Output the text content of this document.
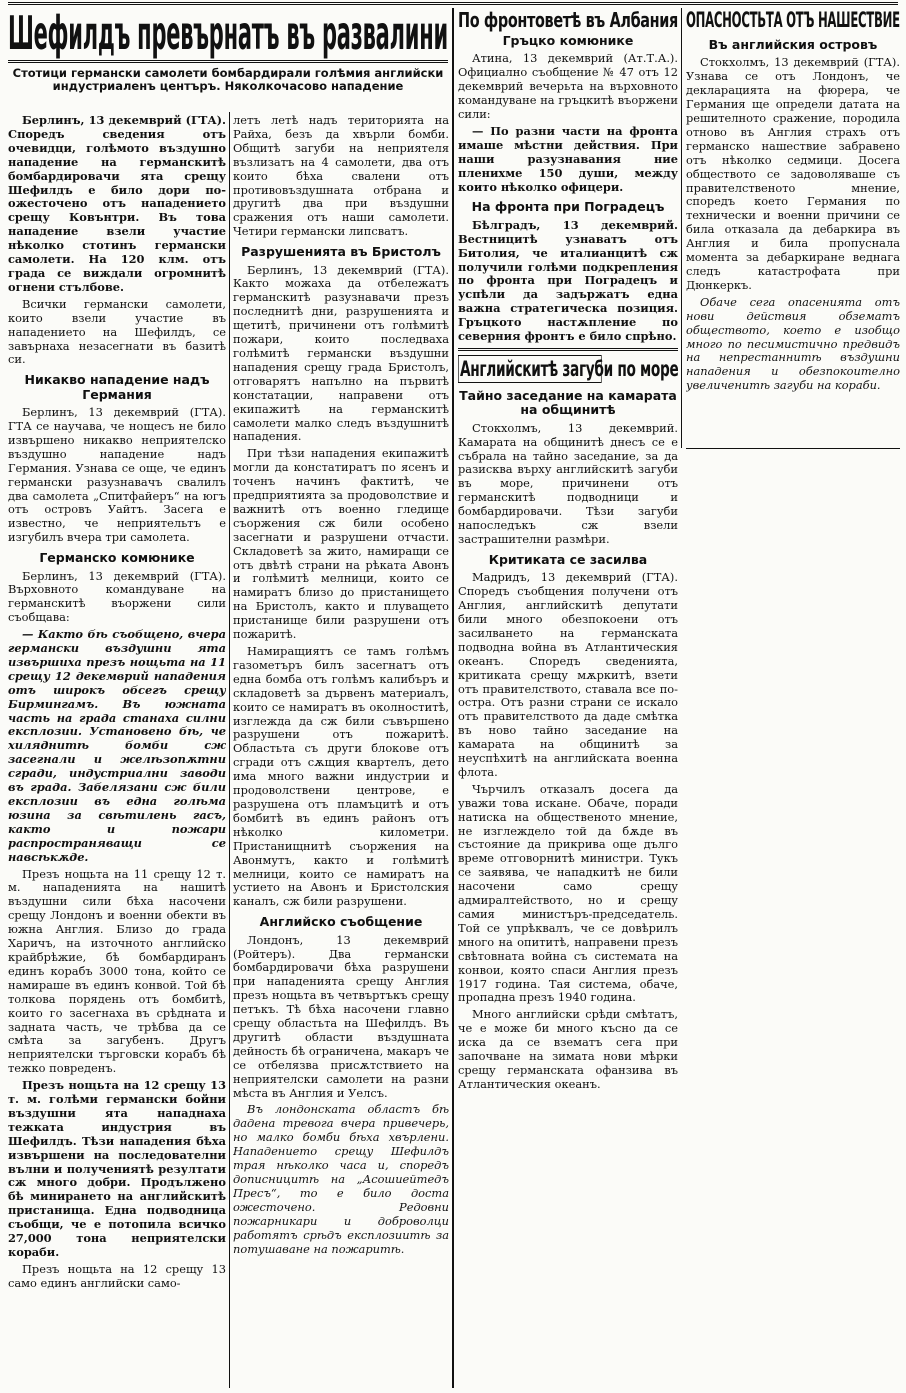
Шефилдъ превърнатъ въ развалини
Стотици германски самолети бомбардирали голѣмия английски индустриаленъ центъръ. Няколкочасово нападение

Берлинъ, 13 декемврий (ГТА). Споредъ сведения отъ очевидци, голѣмото въздушно нападение на германскитѣ бомбардировачи ята срещу Шефилдъ е било дори по-ожесточено отъ нападението срещу Ковънтри. Въ това нападение взели участие нѣколко стотинъ германски самолети. На 120 клм. отъ града се виждали огромнитѣ огнени стълбове.

Всички германски самолети, които взели участие въ нападението на Шефилдъ, се завърнаха незасегнати въ базитѣ си.

Никакво нападение надъ Германия

Берлинъ, 13 декемврий (ГТА). ГТА се научава, че нощесъ не било извършено никакво неприятелско въздушно нападение надъ Германия. Узнава се още, че единъ германски разузнавачъ свалилъ два самолета „Спитфайеръ“ на югъ отъ островъ Уайтъ. Засега е известно, че неприятельтъ е изгубилъ вчера три самолета.

Германско комюнике

Берлинъ, 13 декемврий (ГТА). Върховното командуване на германскитѣ въоржени сили съобщава:

— Както бѣ съобщено, вчера германски въздушни ята извършиха презъ нощьта на 11 срещу 12 декемврий нападения отъ широкъ обсегъ срещу Бирмингамъ. Въ южната часть на града станаха силни експлозии. Установено бѣ, че хиляднитѣ бомби сж засегнали и желѣзопѫтни сгради, индустриални заводи въ града. Забелязани сж били експлозии въ една голѣма юзина за свѣтилень гасъ, както и пожари распространяващи се навсѣкѫде.

Презъ нощьта на 11 срещу 12 т. м. нападенията на нашитѣ въздушни сили бѣха насочени срещу Лондонъ и военни обекти въ южна Англия. Близо до града Харичъ, на източното английско крайбрѣжие, бѣ бомбардиранъ единъ корабъ 3000 тона, който се намираше въ единъ конвой. Той бѣ толкова порядень отъ бомбитѣ, които го засегнаха въ срѣдната и задната часть, че трѣбва да се смѣта за загубенъ. Другъ неприятелски търговски корабъ бѣ тежко повреденъ.

Презъ нощьта на 12 срещу 13 т. м. голѣми германски бойни въздушни ята нападнаха тежката индустрия въ Шефилдъ. Тѣзи нападения бѣха извършени на последователни вълни и получениятѣ резултати сж много добри. Продължено бѣ минирането на английскитѣ пристанища. Една подводница съобщи, че е потопила всичко 27,000 тона неприятелски кораби.

Презъ нощьта на 12 срещу 13 само единъ английски само-

летъ летѣ надъ територията на Райха, безъ да хвърли бомби. Общитѣ загуби на неприятеля възлизатъ на 4 самолети, два отъ които бѣха свалени отъ противовъздушната отбрана и другитѣ два при въздушни сражения отъ наши самолети. Четири германски липсватъ.

Разрушенията въ Бристолъ

Берлинъ, 13 декемврий (ГТА). Както можаха да отбележатъ германскитѣ разузнавачи презъ последнитѣ дни, разрушенията и щетитѣ, причинени отъ голѣмитѣ пожари, които последваха голѣмитѣ германски въздушни нападения срещу града Бристолъ, отговарятъ напълно на първитѣ констатации, направени отъ екипажитѣ на германскитѣ самолети малко следъ въздушнитѣ нападения.

При тѣзи нападения екипажитѣ могли да констатиратъ по ясенъ и точенъ начинъ фактитѣ, че предприятията за продоволствие и важнитѣ отъ военно гледище съоржения сж били особено засегнати и разрушени отчасти. Складоветѣ за жито, намиращи се отъ двѣтѣ страни на рѣката Авонъ и голѣмитѣ мелници, които се намиратъ близо до пристанището на Бристолъ, както и плуващето пристанище били разрушени отъ пожаритѣ.

Намиращиятъ се тамъ голѣмъ газометъръ билъ засегнатъ отъ една бомба отъ голѣмъ калибъръ и складоветѣ за дървенъ материалъ, които се намиратъ въ околноститѣ, изглежда да сж били съвършено разрушени отъ пожаритѣ. Областьта съ други блокове отъ сгради отъ сѫщия квартелъ, дето има много важни индустрии и продоволствени центрове, е разрушена отъ пламъцитѣ и отъ бомбитѣ въ единъ районъ отъ нѣколко километри. Пристанищнитѣ съоржения на Авонмутъ, както и голѣмитѣ мелници, които се намиратъ на устието на Авонъ и Бристолския каналъ, сж били разрушени.

Английско съобщение

Лондонъ, 13 декемврий (Ройтеръ). Два германски бомбардировачи бѣха разрушени при нападенията срещу Англия презъ нощьта въ четвъртъкъ срещу петъкъ. Тѣ бѣха насочени главно срещу областьта на Шефилдъ. Въ другитѣ области въздушната дейность бѣ ограничена, макаръ че се отбелязва присѫтствието на неприятелски самолети на разни мѣста въ Англия и Уелсъ.

Въ лондонската областъ бѣ дадена тревога вчера привечерь, но малко бомби бѣха хвърлени. Нападението срещу Шефилдъ трая нѣколко часа и, споредъ дописницитѣ на „Асошиейтедъ Пресъ“, то е било доста ожесточено. Редовни пожарникари и доброволци работятъ срѣдъ експлозиитѣ за потушаване на пожаритѣ.

По фронтоветѣ въ Албания
Гръцко комюнике

Атина, 13 декемврий (Ат.Т.А.). Официално съобщение № 47 отъ 12 декемврий вечерьта на върховното командуване на гръцкитѣ въоржени сили:

— По разни части на фронта имаше мѣстни действия. При наши разузнавания ние пленихме 150 души, между които нѣколко офицери.

На фронта при Поградецъ

Бѣлградъ, 13 декемврий. Вестницитѣ узнаватъ отъ Битолия, че италианцитѣ сж получили голѣми подкрепления по фронта при Поградецъ и успѣли да задържатъ една важна стратегическа позиция. Гръцкото настѫпление по северния фронтъ е било спрѣно.

Английскитѣ загуби по море
Тайно заседание на камарата на общинитѣ

Стокхолмъ, 13 декемврий. Камарата на общинитѣ днесъ се е събрала на тайно заседание, за да разисква върху английскитѣ загуби въ море, причинени отъ германскитѣ подводници и бомбардировачи. Тѣзи загуби напоследъкъ сж взели застрашителни размѣри.

Критиката се засилва

Мадридъ, 13 декемврий (ГТА). Споредъ съобщения получени отъ Англия, английскитѣ депутати били много обезпокоени отъ засилването на германската подводна война въ Атлантическия океанъ. Споредъ сведенията, критиката срещу мѫркитѣ, взети отъ правителството, ставала все по-остра. Отъ разни страни се искало отъ правителството да даде смѣтка въ ново тайно заседание на камарата на общинитѣ за неуспѣхитѣ на английската военна флота.

Чърчилъ отказалъ досега да уважи това искане. Обаче, поради натиска на общественото мнение, не изглеждело той да бѫде въ състояние да прикрива още дълго време отговорнитѣ министри. Тукъ се заявява, че нападкитѣ не били насочени само срещу адмиралтейството, но и срещу самия министъръ-председатель. Той се упрѣквалъ, че се довѣрилъ много на опититѣ, направени презъ свѣтовната война съ системата на конвои, която спаси Англия презъ 1917 година. Тая система, обаче, пропадна презъ 1940 година.

Много английски срѣди смѣтатъ, че е може би много късно да се иска да се взематъ сега при започване на зимата нови мѣрки срещу германската офанзива въ Атлантическия океанъ.

ОПАСНОСТЬТА ОТЪ НАШЕСТВИЕ
Въ английския островъ

Стокхолмъ, 13 декемврий (ГТА). Узнава се отъ Лондонъ, че декларацията на фюрера, че Германия ще определи датата на решителното сражение, породила отново въ Англия страхъ отъ германско нашествие забравено отъ нѣколко седмици. Досега обществото се задоволяваше съ правителственото мнение, споредъ което Германия по технически и военни причини се била отказала да дебаркира въ Англия и била пропуснала момента за дебаркиране веднага следъ катастрофата при Дюнкеркъ.

Обаче сега опасенията отъ нови действия обзематъ обществото, което е изобщо много по песимистично предвидъ на непрестаннитѣ въздушни нападения и обезпокоително увеличенитѣ загуби на кораби.
